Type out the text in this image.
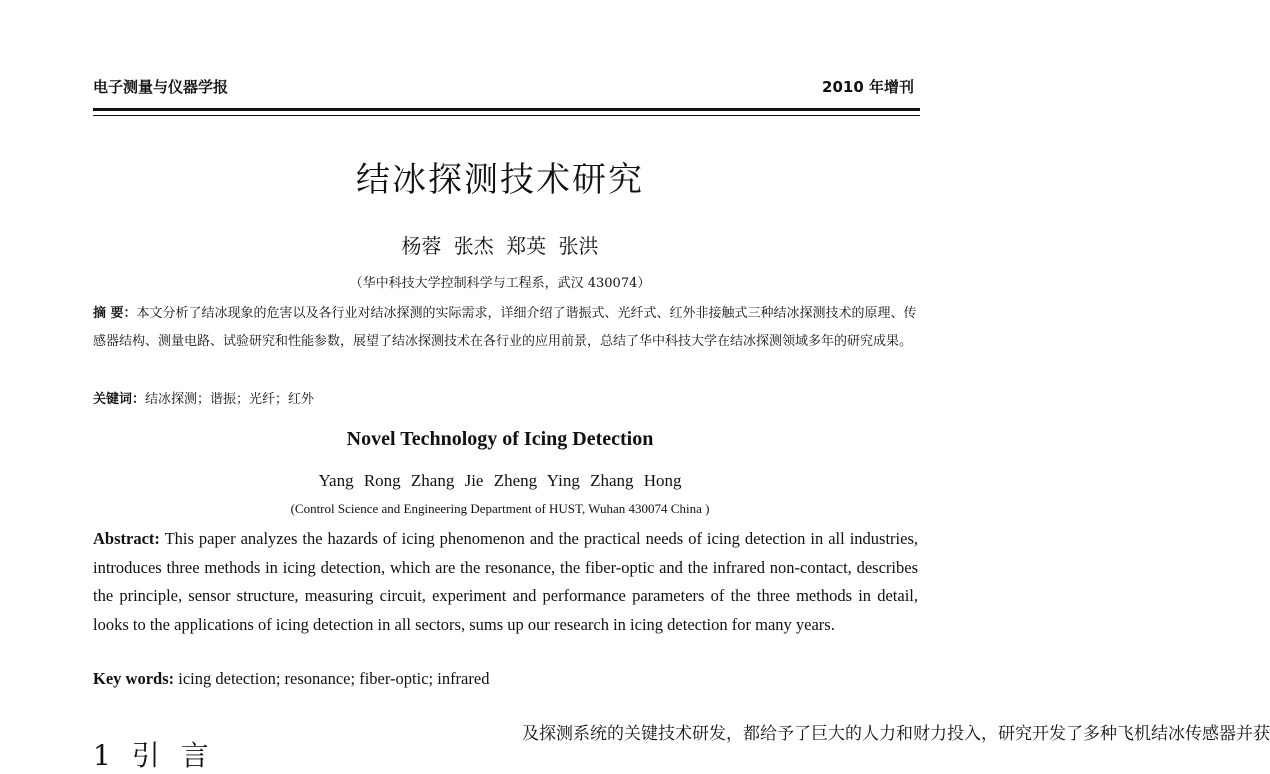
电子测量与仪器学报	2010 年增刊
结冰探测技术研究
杨蓉 张杰 郑英 张洪
（华中科技大学控制科学与工程系，武汉 430074）
摘 要：本文分析了结冰现象的危害以及各行业对结冰探测的实际需求，详细介绍了谐振式、光纤式、红外非接触式三种结冰探测技术的原理、传感器结构、测量电路、试验研究和性能参数，展望了结冰探测技术在各行业的应用前景，总结了华中科技大学在结冰探测领域多年的研究成果。
关键词：结冰探测；谐振；光纤；红外
Novel Technology of Icing Detection
Yang Rong Zhang Jie Zheng Ying Zhang Hong
(Control Science and Engineering Department of HUST, Wuhan 430074 China )
Abstract: This paper analyzes the hazards of icing phenomenon and the practical needs of icing detection in all industries, introduces three methods in icing detection, which are the resonance, the fiber-optic and the infrared non-contact, describes the principle, sensor structure, measuring circuit, experiment and performance parameters of the three methods in detail, looks to the applications of icing detection in all sectors, sums up our research in icing detection for many years.
Key words: icing detection; resonance; fiber-optic; infrared
1 引 言
及探测系统的关键技术研发，都给予了巨大的人力和财力投入，研究开发了多种飞机结冰传感器并获
